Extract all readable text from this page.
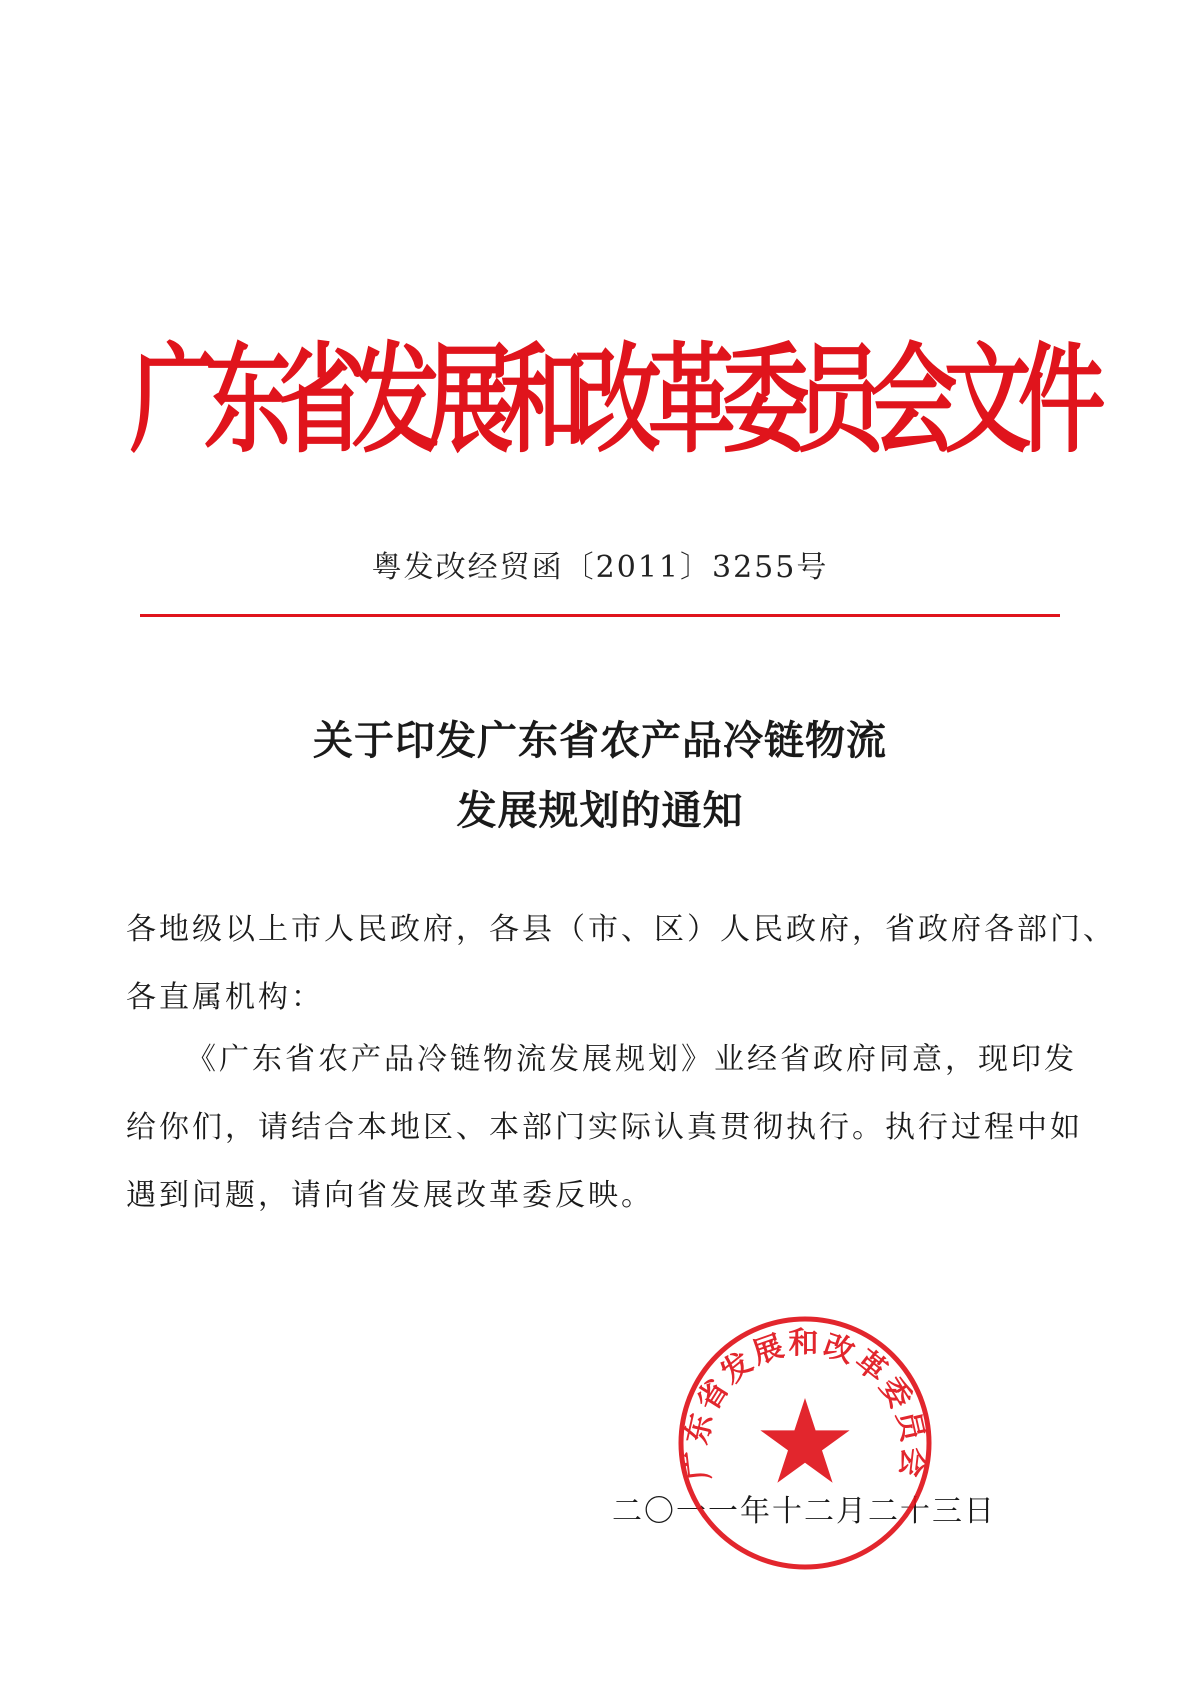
广东省发展和改革委员会文件
粤发改经贸函〔2011〕3255号
关于印发广东省农产品冷链物流
发展规划的通知
各地级以上市人民政府，各县（市、区）人民政府，省政府各部门、
各直属机构：
《广东省农产品冷链物流发展规划》业经省政府同意，现印发
给你们，请结合本地区、本部门实际认真贯彻执行。执行过程中如
遇到问题，请向省发展改革委反映。
二〇一一年十二月二十三日
广东省发展和改革委员会
